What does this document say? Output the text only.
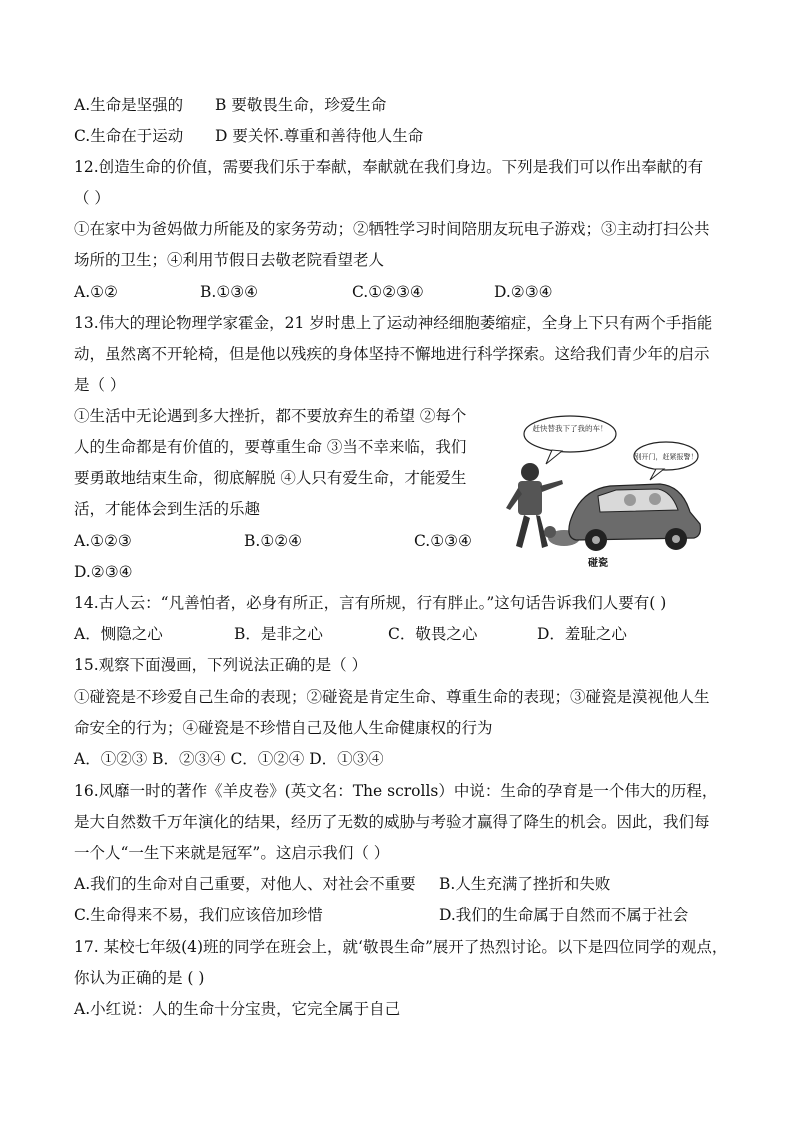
A.生命是坚强的 B 要敬畏生命，珍爱生命
C.生命在于运动 D 要关怀.尊重和善待他人生命
12.创造生命的价值，需要我们乐于奉献，奉献就在我们身边。下列是我们可以作出奉献的有
（ ）
①在家中为爸妈做力所能及的家务劳动；②牺牲学习时间陪朋友玩电子游戏；③主动打扫公共
场所的卫生；④利用节假日去敬老院看望老人
A.①②	B.①③④	C.①②③④	D.②③④
13.伟大的理论物理学家霍金，21 岁时患上了运动神经细胞萎缩症，全身上下只有两个手指能
动，虽然离不开轮椅，但是他以残疾的身体坚持不懈地进行科学探索。这给我们青少年的启示
是（ ）
①生活中无论遇到多大挫折，都不要放弃生的希望 ②每个
人的生命都是有价值的，要尊重生命 ③当不幸来临，我们
要勇敢地结束生命，彻底解脱 ④人只有爱生命，才能爱生
活，才能体会到生活的乐趣
A.①②③	B.①②④	C.①③④
D.②③④
赶快替我下了我的车！
别开门，赶紧报警！
碰瓷
14.古人云：“凡善怕者，必身有所正，言有所规，行有胖止。”这句话告诉我们人要有( )
A．恻隐之心	B．是非之心	C．敬畏之心	D．羞耻之心
15.观察下面漫画，下列说法正确的是（ ）
①碰瓷是不珍爱自己生命的表现；②碰瓷是肯定生命、尊重生命的表现；③碰瓷是漠视他人生
命安全的行为；④碰瓷是不珍惜自己及他人生命健康权的行为
A．①②③ B．②③④ C．①②④ D．①③④
16.风靡一时的著作《羊皮卷》(英文名：The scrolls）中说：生命的孕育是一个伟大的历程，
是大自然数千万年演化的结果，经历了无数的威胁与考验才赢得了降生的机会。因此，我们每
一个人“一生下来就是冠军”。这启示我们（ ）
A.我们的生命对自己重要，对他人、对社会不重要 B.人生充满了挫折和失败
C.生命得来不易，我们应该倍加珍惜	D.我们的生命属于自然而不属于社会
17. 某校七年级(4)班的同学在班会上，就‘敬畏生命”展开了热烈讨论。以下是四位同学的观点，
你认为正确的是 ( )
A.小红说：人的生命十分宝贵，它完全属于自己
